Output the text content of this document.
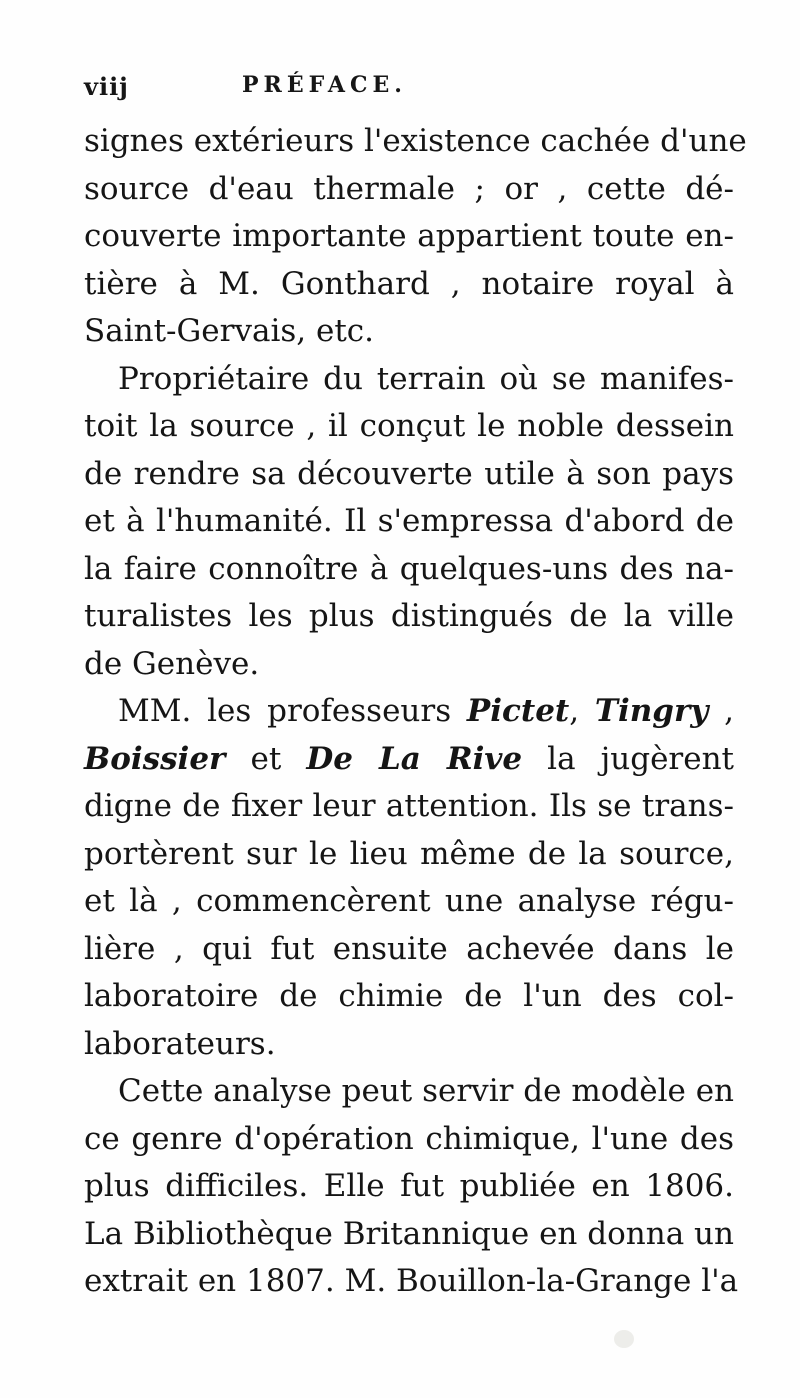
viij	PRÉFACE.
signes extérieurs l'existence cachée d'une
source d'eau thermale ; or , cette dé-
couverte importante appartient toute en-
tière à M. Gonthard , notaire royal à
Saint-Gervais, etc.
Propriétaire du terrain où se manifes-
toit la source , il conçut le noble dessein
de rendre sa découverte utile à son pays
et à l'humanité. Il s'empressa d'abord de
la faire connoître à quelques-uns des na-
turalistes les plus distingués de la ville
de Genève.
MM. les professeurs Pictet, Tingry ,
Boissier et De La Rive la jugèrent
digne de fixer leur attention. Ils se trans-
portèrent sur le lieu même de la source,
et là , commencèrent une analyse régu-
lière , qui fut ensuite achevée dans le
laboratoire de chimie de l'un des col-
laborateurs.
Cette analyse peut servir de modèle en
ce genre d'opération chimique, l'une des
plus difficiles. Elle fut publiée en 1806.
La Bibliothèque Britannique en donna un
extrait en 1807. M. Bouillon-la-Grange l'a
